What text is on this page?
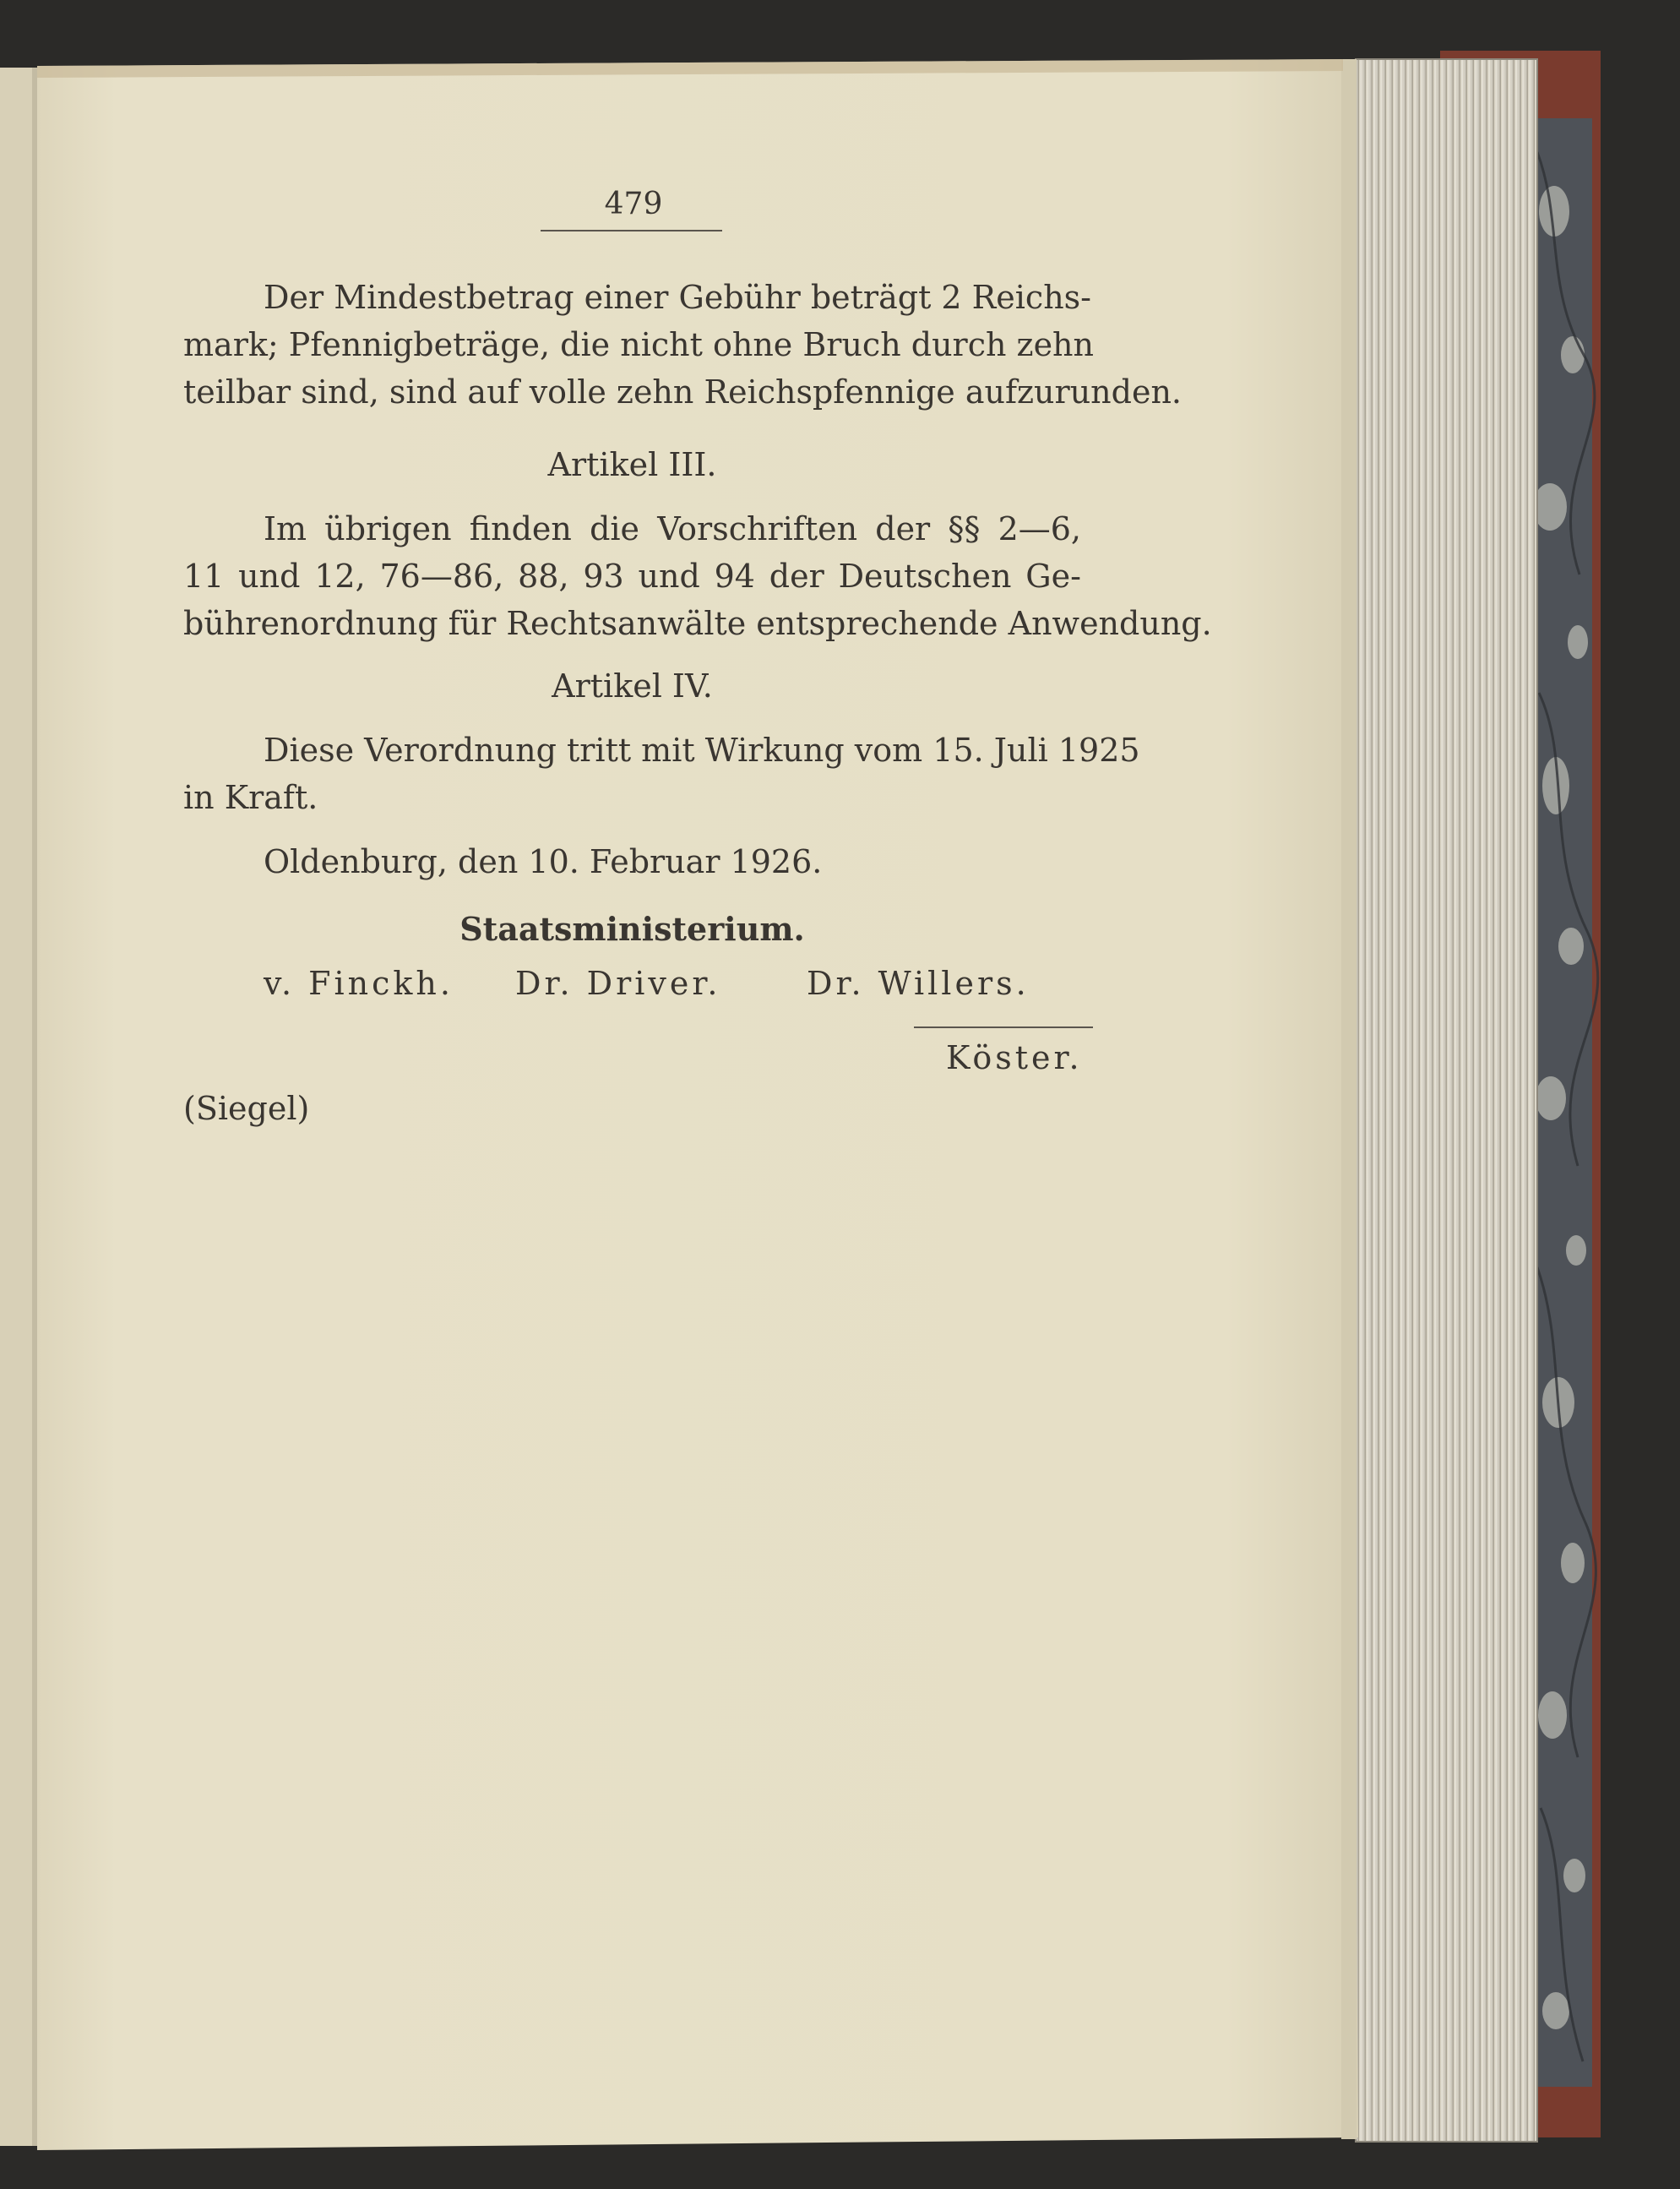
479
Der Mindestbetrag einer Gebühr beträgt 2 Reichs-
mark; Pfennigbeträge, die nicht ohne Bruch durch zehn
teilbar sind, sind auf volle zehn Reichspfennige aufzurunden.
Artikel III.
Im übrigen finden die Vorschriften der §§ 2—6,
11 und 12, 76—86, 88, 93 und 94 der Deutschen Ge-
bührenordnung für Rechtsanwälte entsprechende Anwendung.
Artikel IV.
Diese Verordnung tritt mit Wirkung vom 15. Juli 1925
in Kraft.
Oldenburg, den 10. Februar 1926.
Staatsministerium.
v. Finckh. Dr. Driver.	Dr. Willers.
Köster.
(Siegel)
